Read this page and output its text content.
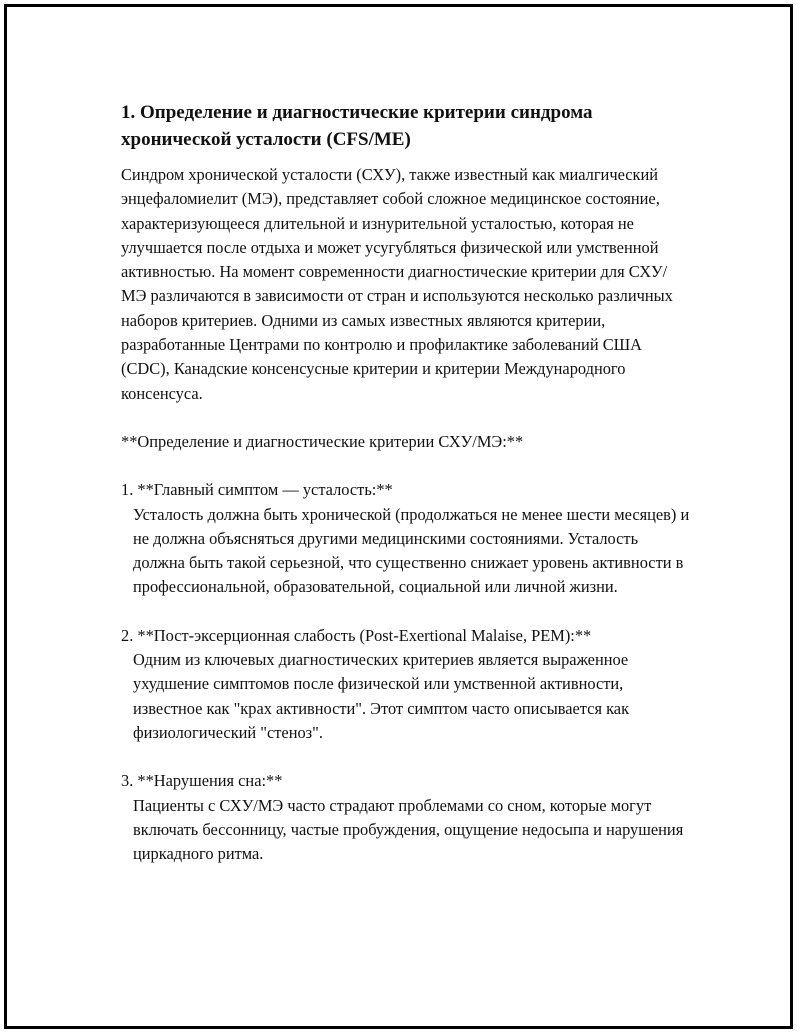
1. Определение и диагностические критерии синдрома хронической усталости (CFS/ME)

Синдром хронической усталости (СХУ), также известный как миалгический энцефаломиелит (МЭ), представляет собой сложное медицинское состояние, характеризующееся длительной и изнурительной усталостью, которая не улучшается после отдыха и может усугубляться физической или умственной активностью. На момент современности диагностические критерии для СХУ/МЭ различаются в зависимости от стран и используются несколько различных наборов критериев. Одними из самых известных являются критерии, разработанные Центрами по контролю и профилактике заболеваний США (CDC), Канадские консенсусные критерии и критерии Международного консенсуса.

**Определение и диагностические критерии СХУ/МЭ:**

1. **Главный симптом — усталость:**

Усталость должна быть хронической (продолжаться не менее шести месяцев) и не должна объясняться другими медицинскими состояниями. Усталость должна быть такой серьезной, что существенно снижает уровень активности в профессиональной, образовательной, социальной или личной жизни.

2. **Пост-эксерционная слабость (Post-Exertional Malaise, PEM):**

Одним из ключевых диагностических критериев является выраженное ухудшение симптомов после физической или умственной активности, известное как "крах активности". Этот симптом часто описывается как физиологический "стеноз".

3. **Нарушения сна:**

Пациенты с СХУ/МЭ часто страдают проблемами со сном, которые могут включать бессонницу, частые пробуждения, ощущение недосыпа и нарушения циркадного ритма.
